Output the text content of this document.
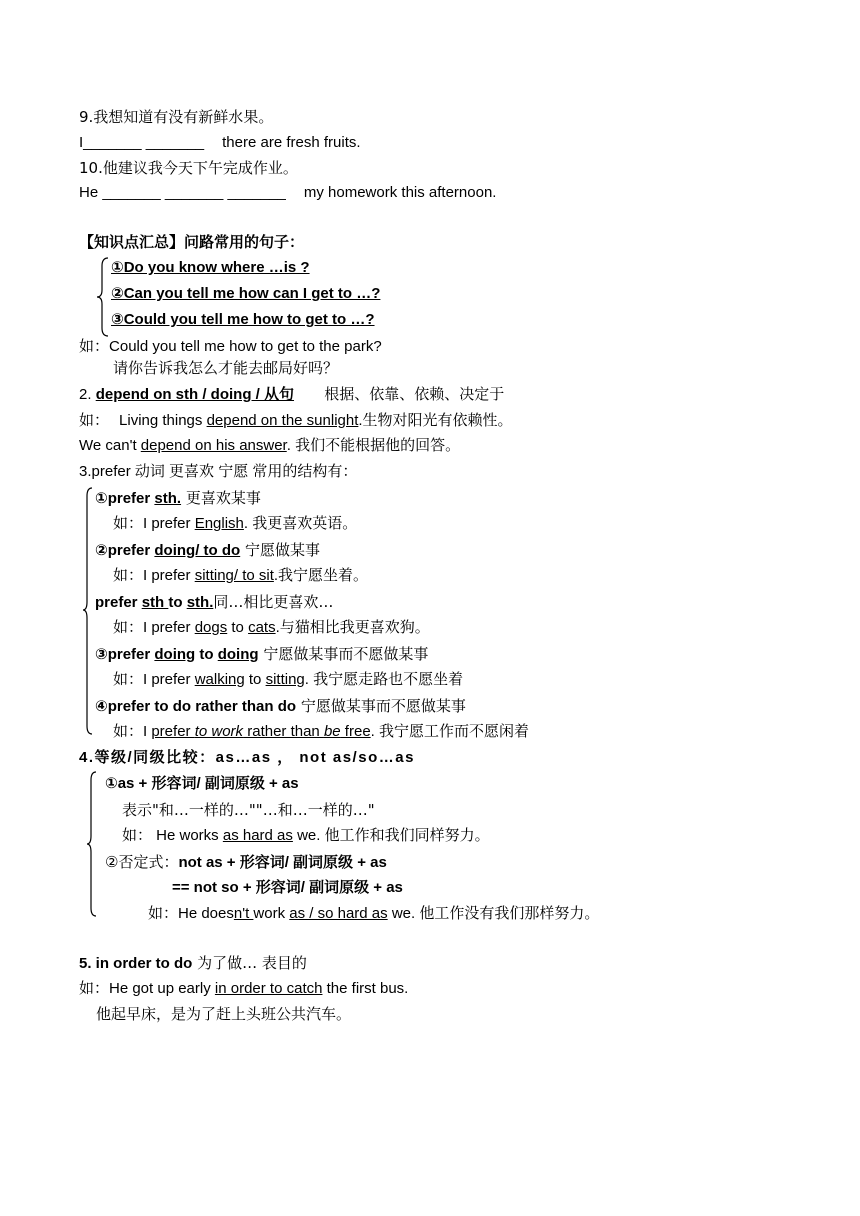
9.我想知道有没有新鲜水果。
I_______ _______ there are fresh fruits.
10.他建议我今天下午完成作业。
He _______ _______ _______ my homework this afternoon.
【知识点汇总】问路常用的句子：
①Do you know where …is ?
②Can you tell me how can I get to …?
③Could you tell me how to get to …?
如：Could you tell me how to get to the park?
请你告诉我怎么才能去邮局好吗？
2. depend on sth / doing / 从句 根据、依靠、依赖、决定于
如： Living things depend on the sunlight.生物对阳光有依赖性。
We can't depend on his answer. 我们不能根据他的回答。
3.prefer 动词 更喜欢 宁愿 常用的结构有：
①prefer sth. 更喜欢某事
如：I prefer English. 我更喜欢英语。
②prefer doing/ to do 宁愿做某事
如：I prefer sitting/ to sit.我宁愿坐着。
prefer sth to sth.同…相比更喜欢…
如：I prefer dogs to cats.与猫相比我更喜欢狗。
③prefer doing to doing 宁愿做某事而不愿做某事
如：I prefer walking to sitting. 我宁愿走路也不愿坐着
④prefer to do rather than do 宁愿做某事而不愿做某事
如：I prefer to work rather than be free. 我宁愿工作而不愿闲着
4.等级/同级比较：as…as ， not as/so…as
①as + 形容词/ 副词原级 + as
表示"和…一样的…""…和…一样的…"
如： He works as hard as we. 他工作和我们同样努力。
②否定式：not as + 形容词/ 副词原级 + as
== not so + 形容词/ 副词原级 + as
如：He doesn't work as / so hard as we. 他工作没有我们那样努力。
5. in order to do 为了做… 表目的
如：He got up early in order to catch the first bus.
他起早床，是为了赶上头班公共汽车。
